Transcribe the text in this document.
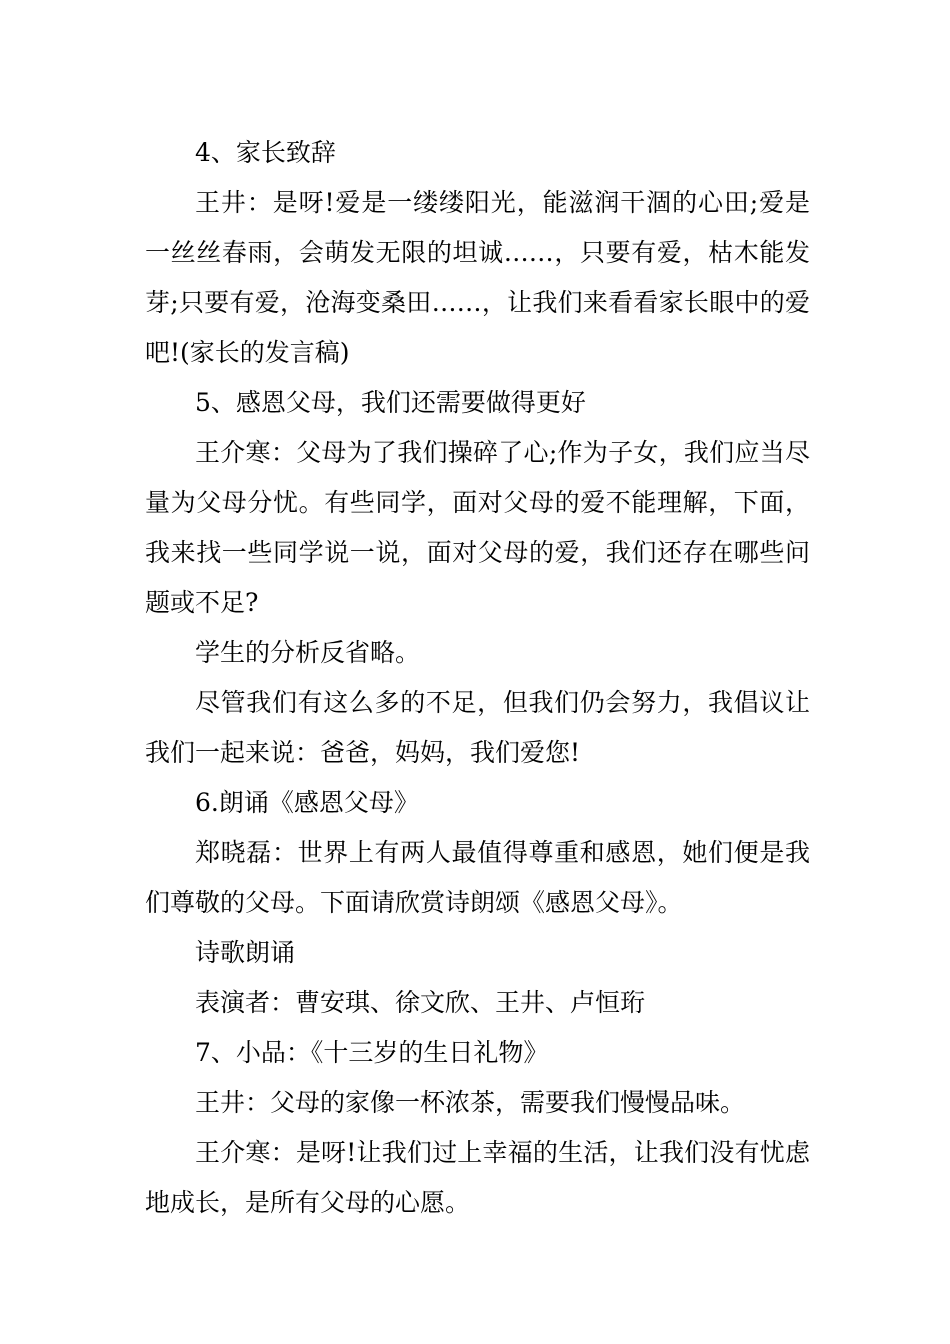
4、家长致辞

王井：是呀!爱是一缕缕阳光，能滋润干涸的心田;爱是一丝丝春雨，会萌发无限的坦诚……，只要有爱，枯木能发芽;只要有爱，沧海变桑田……，让我们来看看家长眼中的爱吧!(家长的发言稿)

5、感恩父母，我们还需要做得更好

王介寒：父母为了我们操碎了心;作为子女，我们应当尽量为父母分忧。有些同学，面对父母的爱不能理解，下面，我来找一些同学说一说，面对父母的爱，我们还存在哪些问题或不足?

学生的分析反省略。

尽管我们有这么多的不足，但我们仍会努力，我倡议让我们一起来说：爸爸，妈妈，我们爱您!

6.朗诵《感恩父母》

郑晓磊：世界上有两人最值得尊重和感恩，她们便是我们尊敬的父母。下面请欣赏诗朗颂《感恩父母》。

诗歌朗诵

表演者：曹安琪、徐文欣、王井、卢恒珩

7、小品：《十三岁的生日礼物》

王井：父母的家像一杯浓茶，需要我们慢慢品味。

王介寒：是呀!让我们过上幸福的生活，让我们没有忧虑地成长，是所有父母的心愿。
